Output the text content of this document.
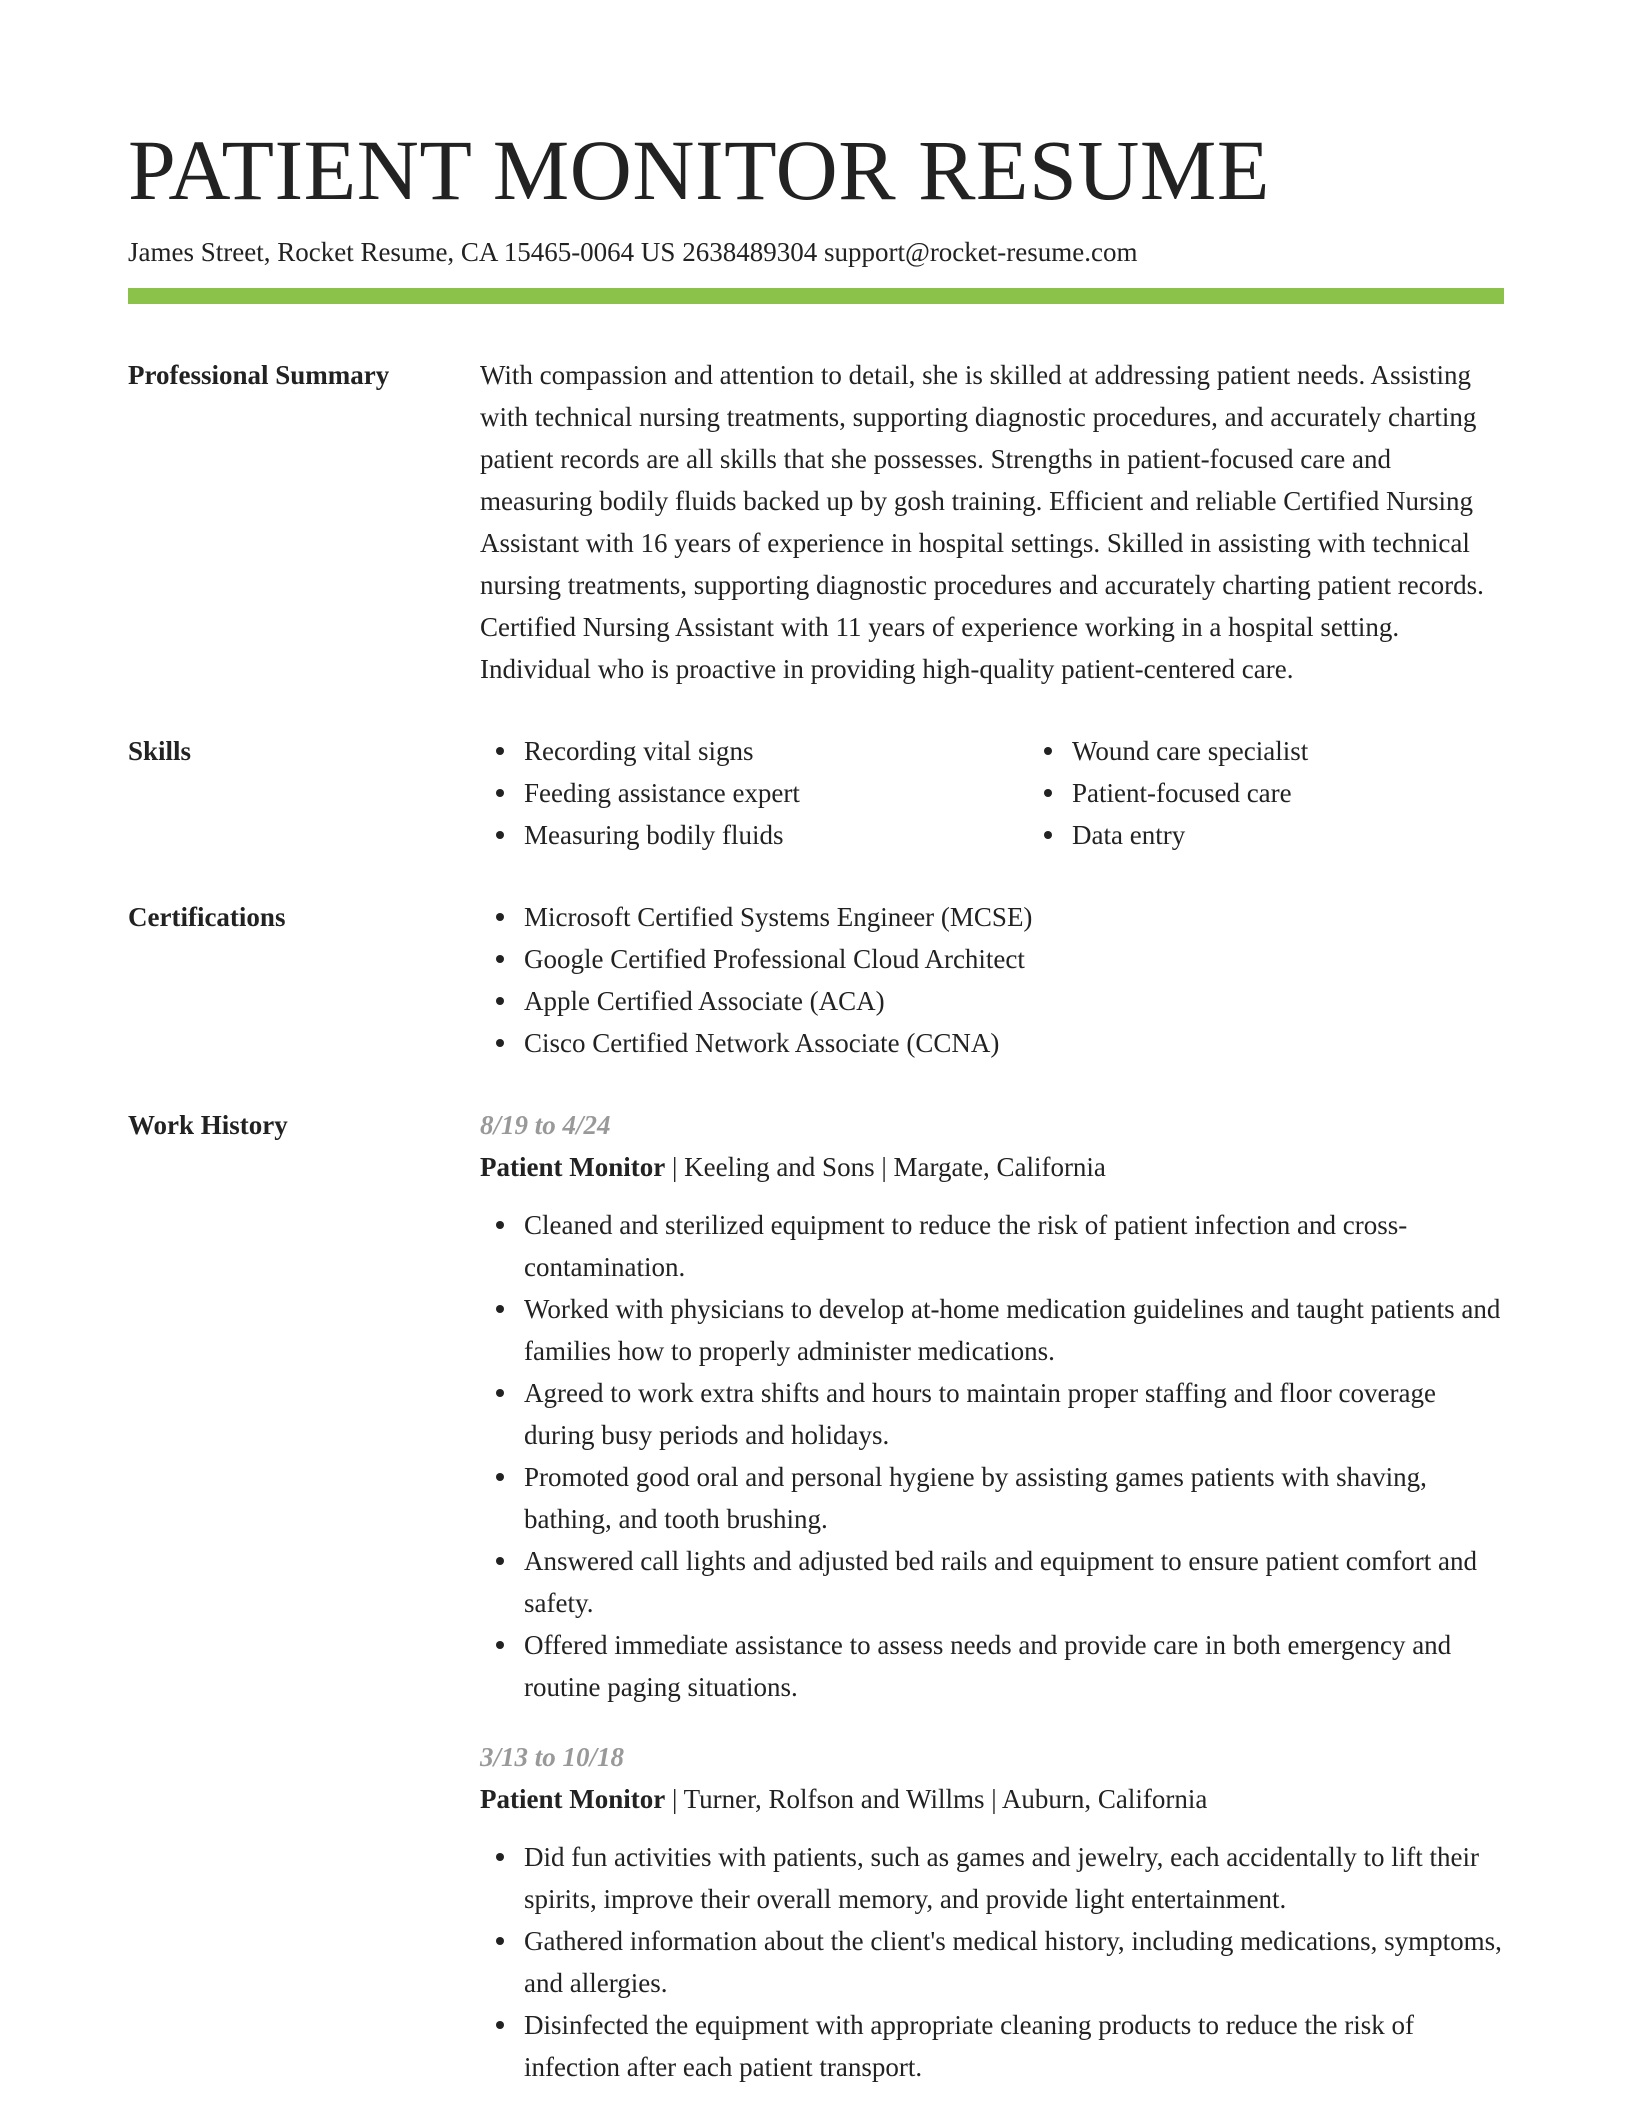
PATIENT MONITOR RESUME
James Street, Rocket Resume, CA 15465-0064 US 2638489304 support@rocket-resume.com
Professional Summary	With compassion and attention to detail, she is skilled at addressing patient needs. Assisting with technical nursing treatments, supporting diagnostic procedures, and accurately charting patient records are all skills that she possesses. Strengths in patient-focused care and measuring bodily fluids backed up by gosh training. Efficient and reliable Certified Nursing Assistant with 16 years of experience in hospital settings. Skilled in assisting with technical nursing treatments, supporting diagnostic procedures and accurately charting patient records. Certified Nursing Assistant with 11 years of experience working in a hospital setting. Individual who is proactive in providing high-quality patient-centered care.

Skills	Recording vital signs
Feeding assistance expert
Measuring bodily fluids
Wound care specialist
Patient-focused care
Data entry
Certifications	Microsoft Certified Systems Engineer (MCSE)
Google Certified Professional Cloud Architect
Apple Certified Associate (ACA)
Cisco Certified Network Associate (CCNA)
Work History	8/19 to 4/24
Patient Monitor | Keeling and Sons | Margate, California
Cleaned and sterilized equipment to reduce the risk of patient infection and cross-contamination.
Worked with physicians to develop at-home medication guidelines and taught patients and families how to properly administer medications.
Agreed to work extra shifts and hours to maintain proper staffing and floor coverage during busy periods and holidays.
Promoted good oral and personal hygiene by assisting games patients with shaving, bathing, and tooth brushing.
Answered call lights and adjusted bed rails and equipment to ensure patient comfort and safety.
Offered immediate assistance to assess needs and provide care in both emergency and routine paging situations.
3/13 to 10/18
Patient Monitor | Turner, Rolfson and Willms | Auburn, California
Did fun activities with patients, such as games and jewelry, each accidentally to lift their spirits, improve their overall memory, and provide light entertainment.
Gathered information about the client's medical history, including medications, symptoms, and allergies.
Disinfected the equipment with appropriate cleaning products to reduce the risk of infection after each patient transport.
